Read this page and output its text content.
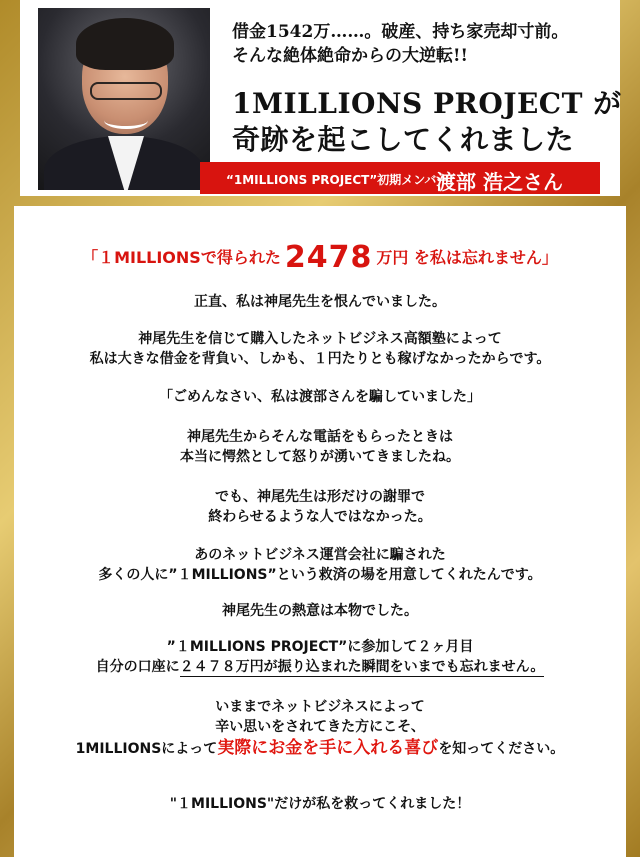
借金1542万……。破産、持ち家売却寸前。
そんな絶体絶命からの大逆転!!
1MILLIONS PROJECT が
奇跡を起こしてくれました
“1MILLIONS PROJECT”初期メンバー
渡部 浩之さん
「１MILLIONSで得られた 2478 万円 を私は忘れません」
正直、私は神尾先生を恨んでいました。
神尾先生を信じて購入したネットビジネス高額塾によって
私は大きな借金を背負い、しかも、１円たりとも稼げなかったからです。
「ごめんなさい、私は渡部さんを騙していました」
神尾先生からそんな電話をもらったときは
本当に愕然として怒りが湧いてきましたね。
でも、神尾先生は形だけの謝罪で
終わらせるような人ではなかった。
あのネットビジネス運営会社に騙された
多くの人に”１MILLIONS”という救済の場を用意してくれたんです。
神尾先生の熱意は本物でした。
”１MILLIONS PROJECT”に参加して２ヶ月目
自分の口座に２４７８万円が振り込まれた瞬間をいまでも忘れません。
いままでネットビジネスによって
辛い思いをされてきた方にこそ、
1MILLIONSによって実際にお金を手に入れる喜びを知ってください。
"１MILLIONS"だけが私を救ってくれました！
